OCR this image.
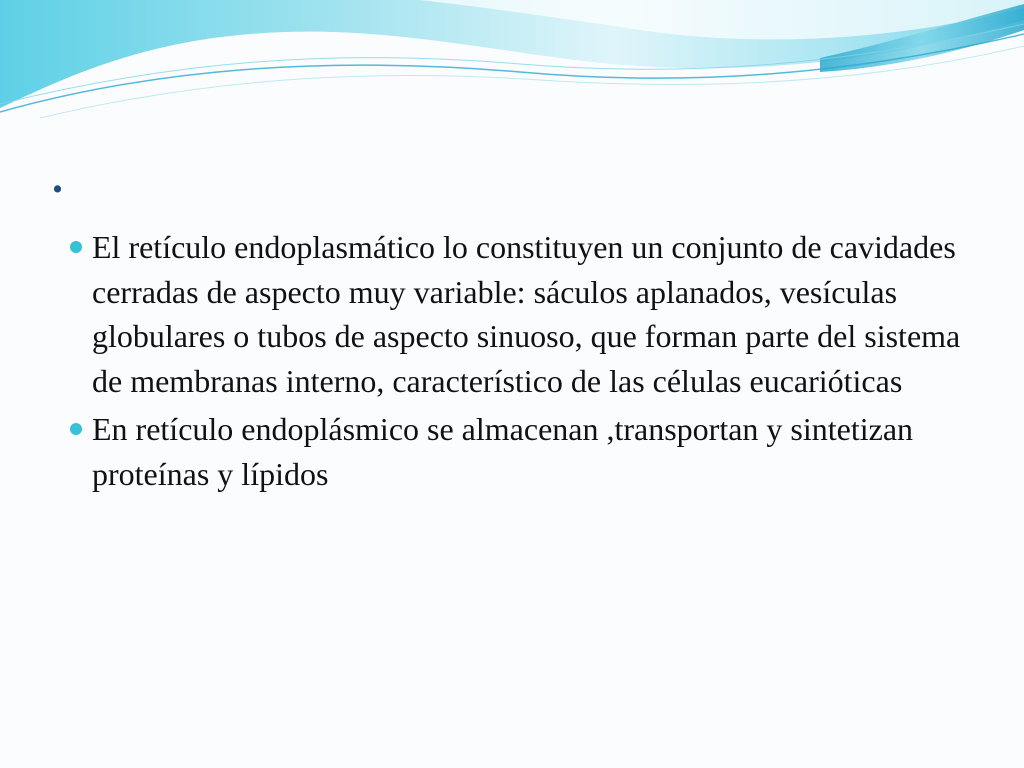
.
El retículo endoplasmático lo constituyen un conjunto de cavidades cerradas de aspecto muy variable: sáculos aplanados, vesículas globulares o tubos de aspecto sinuoso, que forman parte del sistema de membranas interno, característico de las células eucarióticas
En retículo endoplásmico se almacenan ,transportan y sintetizan proteínas y lípidos
